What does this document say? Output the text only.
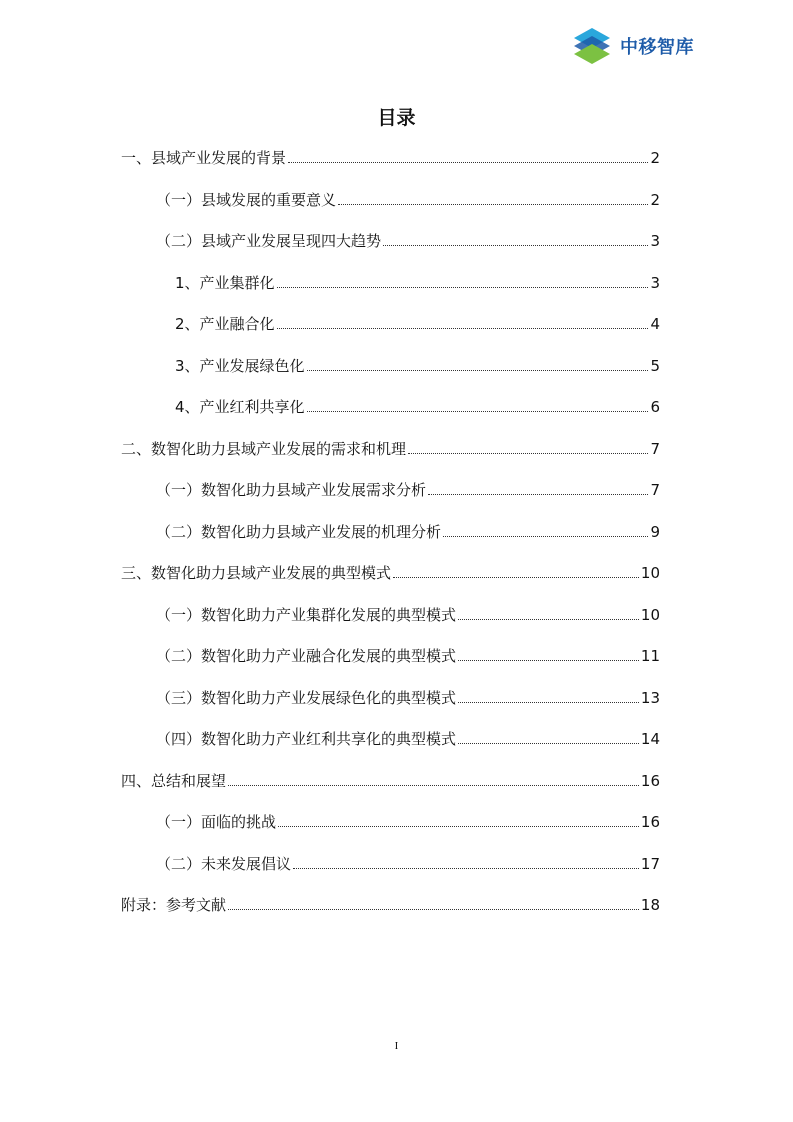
中移智库
目录
一、县域产业发展的背景	2
（一）县域发展的重要意义	2
（二）县域产业发展呈现四大趋势	3
1、产业集群化	3
2、产业融合化	4
3、产业发展绿色化	5
4、产业红利共享化	6
二、数智化助力县域产业发展的需求和机理	7
（一）数智化助力县域产业发展需求分析	7
（二）数智化助力县域产业发展的机理分析	9
三、数智化助力县域产业发展的典型模式	10
（一）数智化助力产业集群化发展的典型模式	10
（二）数智化助力产业融合化发展的典型模式	11
（三）数智化助力产业发展绿色化的典型模式	13
（四）数智化助力产业红利共享化的典型模式	14
四、总结和展望	16
（一）面临的挑战	16
（二）未来发展倡议	17
附录：参考文献	18
I
